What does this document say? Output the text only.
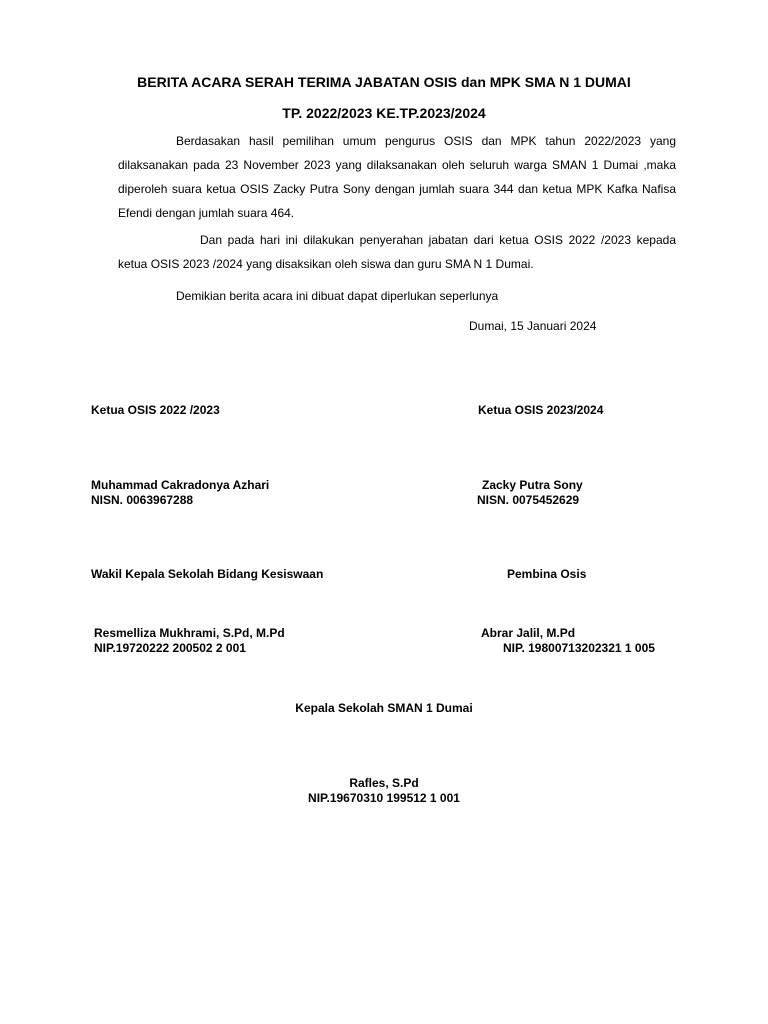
BERITA ACARA SERAH TERIMA JABATAN OSIS dan MPK SMA N 1 DUMAI
TP. 2022/2023 KE.TP.2023/2024
Berdasakan hasil pemilihan umum pengurus OSIS dan MPK tahun 2022/2023 yang dilaksanakan pada 23 November 2023 yang dilaksanakan oleh seluruh warga SMAN 1 Dumai ,maka diperoleh suara ketua OSIS Zacky Putra Sony dengan jumlah suara 344 dan ketua MPK Kafka Nafisa Efendi dengan jumlah suara 464.
Dan pada hari ini dilakukan penyerahan jabatan dari ketua OSIS 2022 /2023 kepada ketua OSIS 2023 /2024 yang disaksikan oleh siswa dan guru SMA N 1 Dumai.
Demikian berita acara ini dibuat dapat diperlukan seperlunya
Dumai, 15 Januari 2024
Ketua OSIS 2022 /2023	Ketua OSIS 2023/2024
Muhammad Cakradonya Azhari
NISN. 0063967288
Zacky Putra Sony
NISN. 0075452629
Wakil Kepala Sekolah Bidang Kesiswaan	Pembina Osis
Resmelliza Mukhrami, S.Pd, M.Pd
NIP.19720222 200502 2 001
Abrar Jalil, M.Pd
NIP. 19800713202321 1 005
Kepala Sekolah SMAN 1 Dumai
Rafles, S.Pd
NIP.19670310 199512 1 001
